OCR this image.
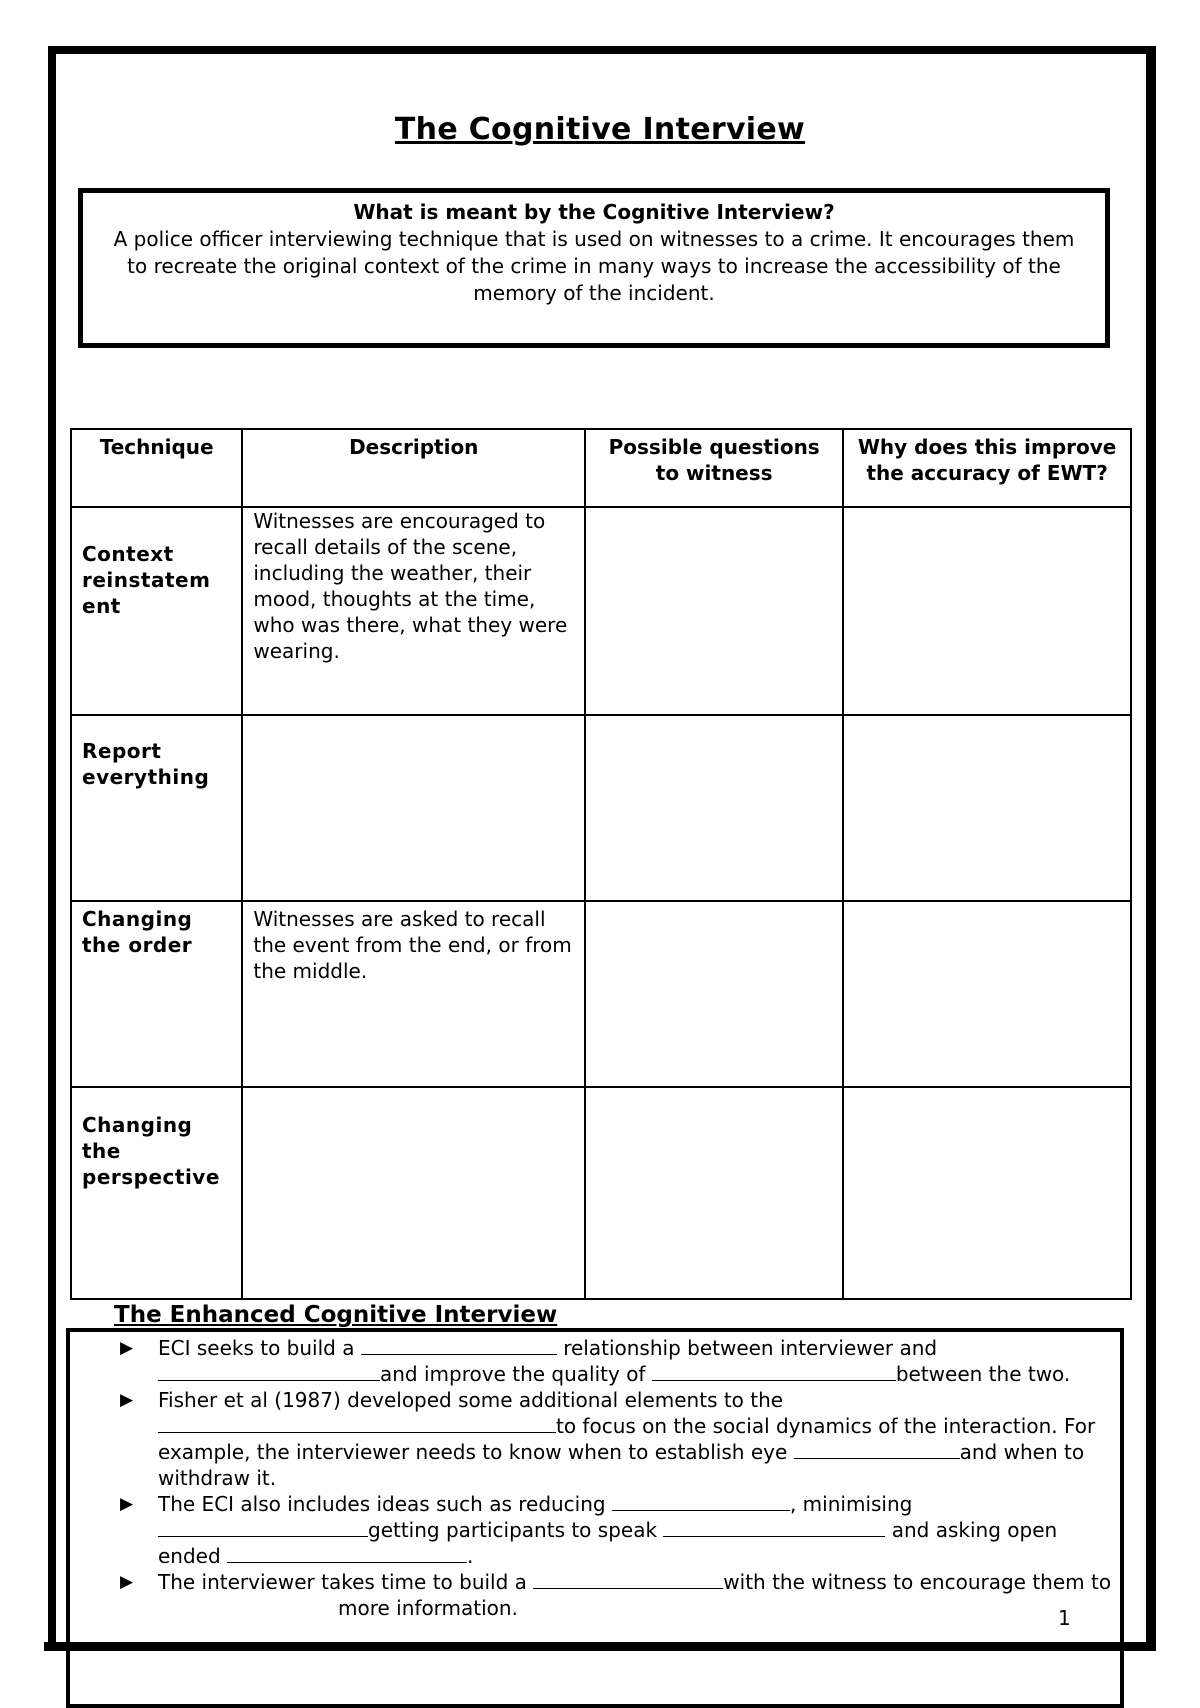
The Cognitive Interview
What is meant by the Cognitive Interview?
A police officer interviewing technique that is used on witnesses to a crime. It encourages them to recreate the original context of the crime in many ways to increase the accessibility of the memory of the incident.
Technique	Description	Possible questions to witness	Why does this improve the accuracy of EWT?
Context reinstatem ent	Witnesses are encouraged to recall details of the scene, including the weather, their mood, thoughts at the time, who was there, what they were wearing.		
Report everything			
Changing the order	Witnesses are asked to recall the event from the end, or from the middle.		
Changing the perspective			
The Enhanced Cognitive Interview
▶ ECI seeks to build a	relationship between interviewer and and improve the quality of	between the two.
▶ Fisher et al (1987) developed some additional elements to the to focus on the social dynamics of the interaction. For example, the interviewer needs to know when to establish eye	and when to withdraw it.
▶ The ECI also includes ideas such as reducing	, minimising getting participants to speak	and asking open ended	.
▶ The interviewer takes time to build a	with the witness to encourage them to more information.	1
